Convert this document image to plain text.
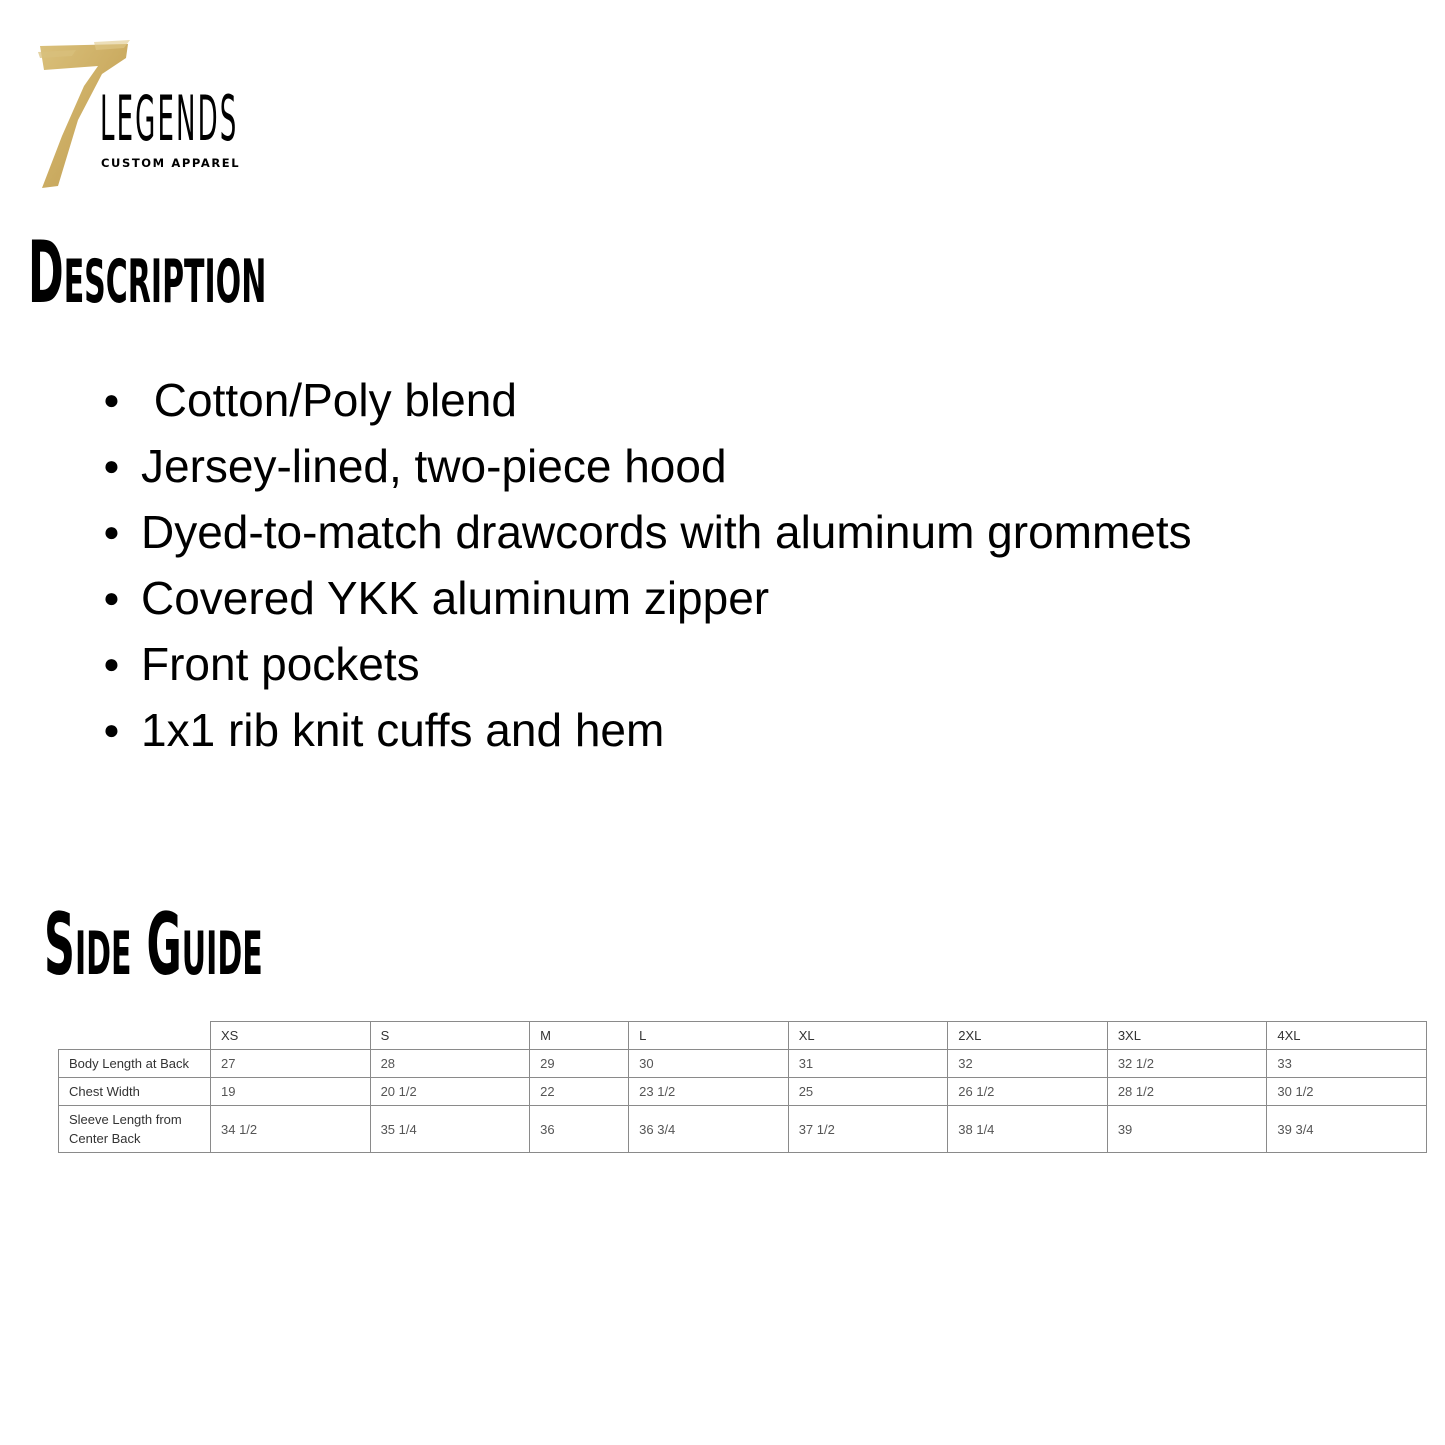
LEGENDS
CUSTOM APPAREL
Description
● Cotton/Poly blend
● Jersey-lined, two-piece hood
● Dyed-to-match drawcords with aluminum grommets
● Covered YKK aluminum zipper
● Front pockets
● 1x1 rib knit cuffs and hem
Side Guide
	XS	S	M	L	XL	2XL	3XL	4XL
Body Length at Back	27	28	29	30	31	32	32 1/2	33
Chest Width	19	20 1/2	22	23 1/2	25	26 1/2	28 1/2	30 1/2
Sleeve Length from Center Back	34 1/2	35 1/4	36	36 3/4	37 1/2	38 1/4	39	39 3/4
